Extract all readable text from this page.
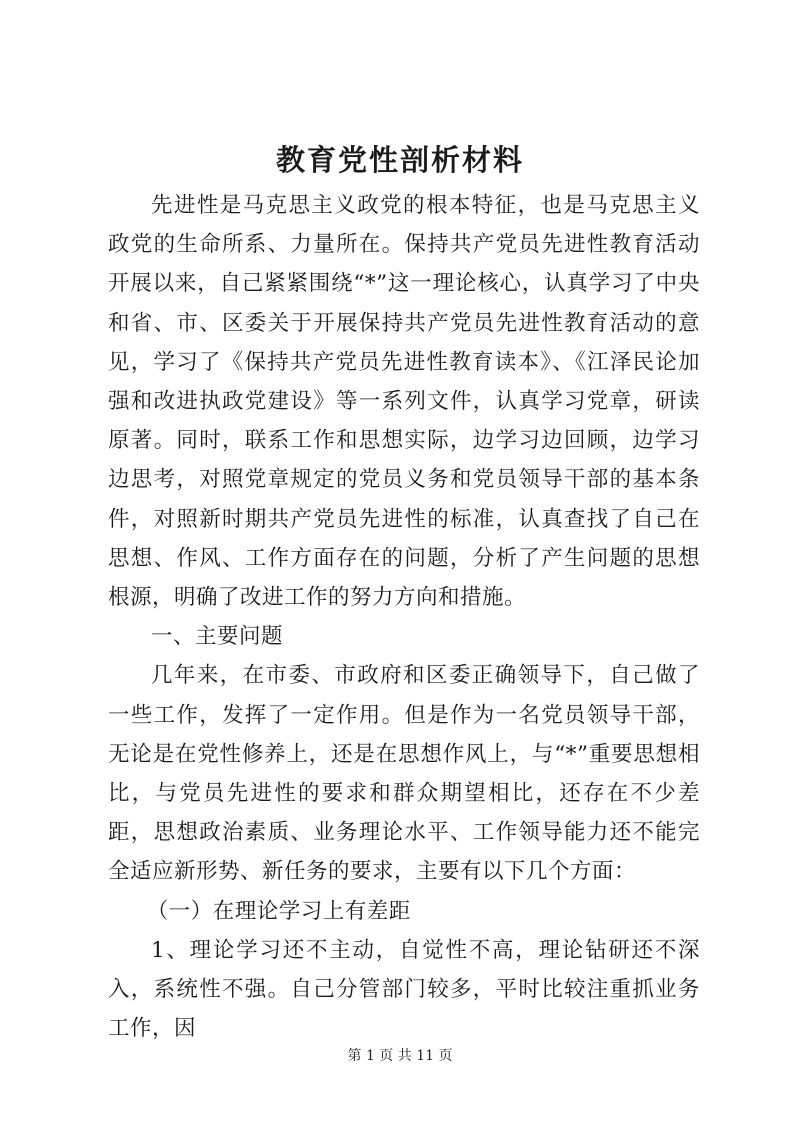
教育党性剖析材料

先进性是马克思主义政党的根本特征，也是马克思主义政党的生命所系、力量所在。保持共产党员先进性教育活动开展以来，自己紧紧围绕“*”这一理论核心，认真学习了中央和省、市、区委关于开展保持共产党员先进性教育活动的意见，学习了《保持共产党员先进性教育读本》、《江泽民论加强和改进执政党建设》等一系列文件，认真学习党章，研读原著。同时，联系工作和思想实际，边学习边回顾，边学习边思考，对照党章规定的党员义务和党员领导干部的基本条件，对照新时期共产党员先进性的标准，认真查找了自己在思想、作风、工作方面存在的问题，分析了产生问题的思想根源，明确了改进工作的努力方向和措施。

一、主要问题

几年来，在市委、市政府和区委正确领导下，自己做了一些工作，发挥了一定作用。但是作为一名党员领导干部，无论是在党性修养上，还是在思想作风上，与“*”重要思想相比，与党员先进性的要求和群众期望相比，还存在不少差距，思想政治素质、业务理论水平、工作领导能力还不能完全适应新形势、新任务的要求，主要有以下几个方面：

（一）在理论学习上有差距

1、理论学习还不主动，自觉性不高，理论钻研还不深入，系统性不强。自己分管部门较多，平时比较注重抓业务工作，因

第 1 页 共 11 页
